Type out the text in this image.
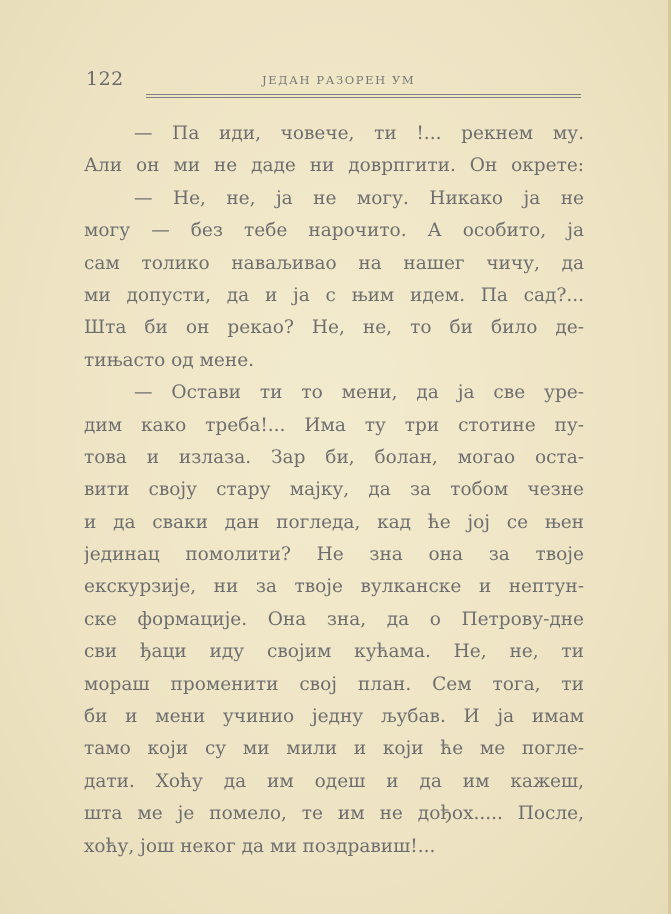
122	ЈЕДАН РАЗОРЕН УМ
— Па иди, човече, ти !... рекнем му.
Али он ми не даде ни доврпгити. Он окрете:
— Не, не, ја не могу. Никако ја не
могу — без тебе нарочито. А особито, ја
сам толико наваљивао на нашег чичу, да
ми допусти, да и ја с њим идем. Па сад?...
Шта би он рекао? Не, не, то би било де-
тињасто од мене.
— Остави ти то мени, да ја све уре-
дим како треба!... Има ту три стотине пу-
това и излаза. Зар би, болан, могао оста-
вити своју стару мајку, да за тобом чезне
и да сваки дан погледа, кад ће јој се њен
јединац помолити? Не зна она за твоје
екскурзије, ни за твоје вулканске и нептун-
ске формације. Она зна, да о Петрову-дне
сви ђаци иду својим кућама. Не, не, ти
мораш променити свој план. Сем тога, ти
би и мени учинио једну љубав. И ја имам
тамо који су ми мили и који ће ме погле-
дати. Хоћу да им одеш и да им кажеш,
шта ме је помело, те им не дођох..... После,
хоћу, још неког да ми поздравиш!...
